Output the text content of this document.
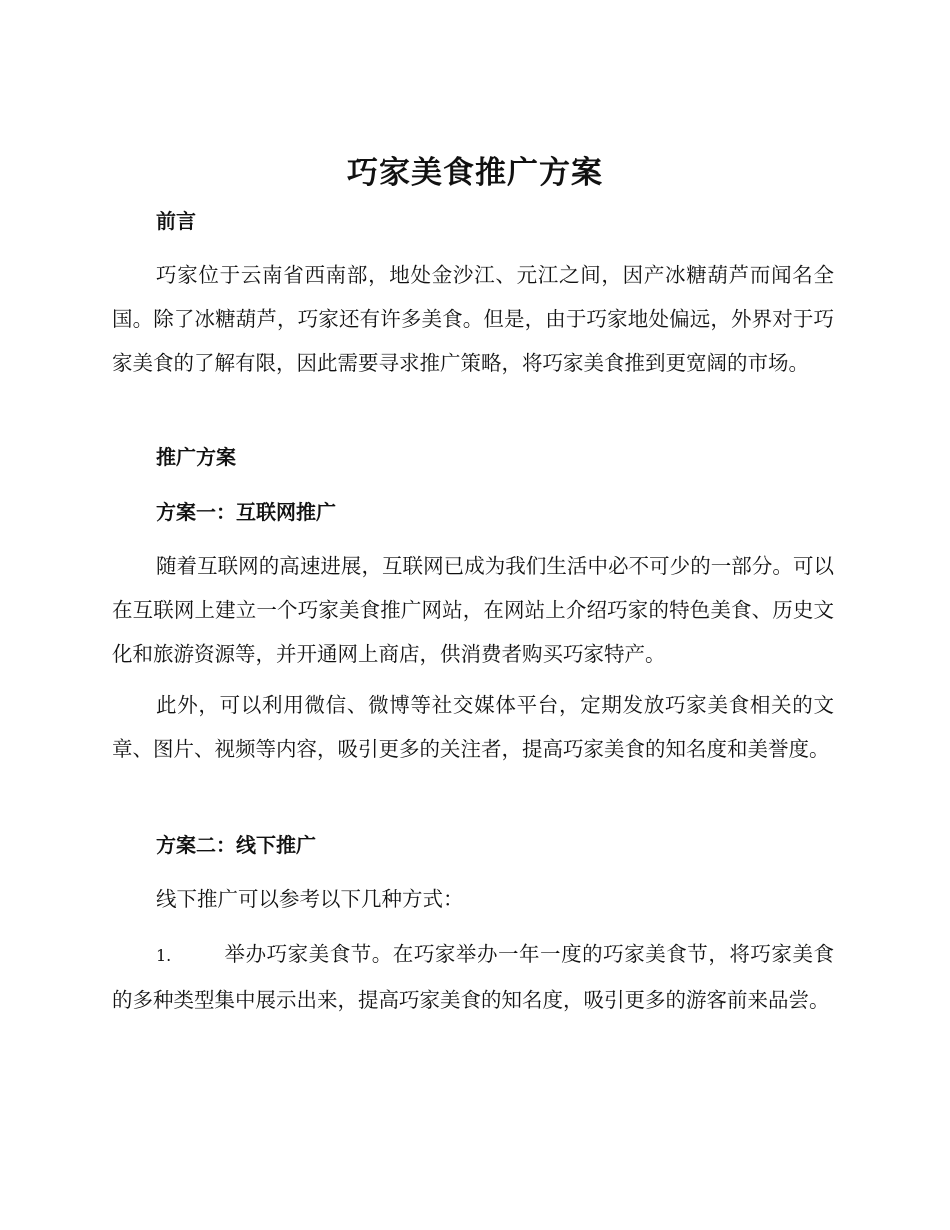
巧家美食推广方案
前言

巧家位于云南省西南部，地处金沙江、元江之间，因产冰糖葫芦而闻名全国。除了冰糖葫芦，巧家还有许多美食。但是，由于巧家地处偏远，外界对于巧家美食的了解有限，因此需要寻求推广策略，将巧家美食推到更宽阔的市场。

推广方案
方案一：互联网推广

随着互联网的高速进展，互联网已成为我们生活中必不可少的一部分。可以在互联网上建立一个巧家美食推广网站，在网站上介绍巧家的特色美食、历史文化和旅游资源等，并开通网上商店，供消费者购买巧家特产。

此外，可以利用微信、微博等社交媒体平台，定期发放巧家美食相关的文章、图片、视频等内容，吸引更多的关注者，提高巧家美食的知名度和美誉度。

方案二：线下推广

线下推广可以参考以下几种方式：

1.	举办巧家美食节。在巧家举办一年一度的巧家美食节，将巧家美食的多种类型集中展示出来，提高巧家美食的知名度，吸引更多的游客前来品尝。
